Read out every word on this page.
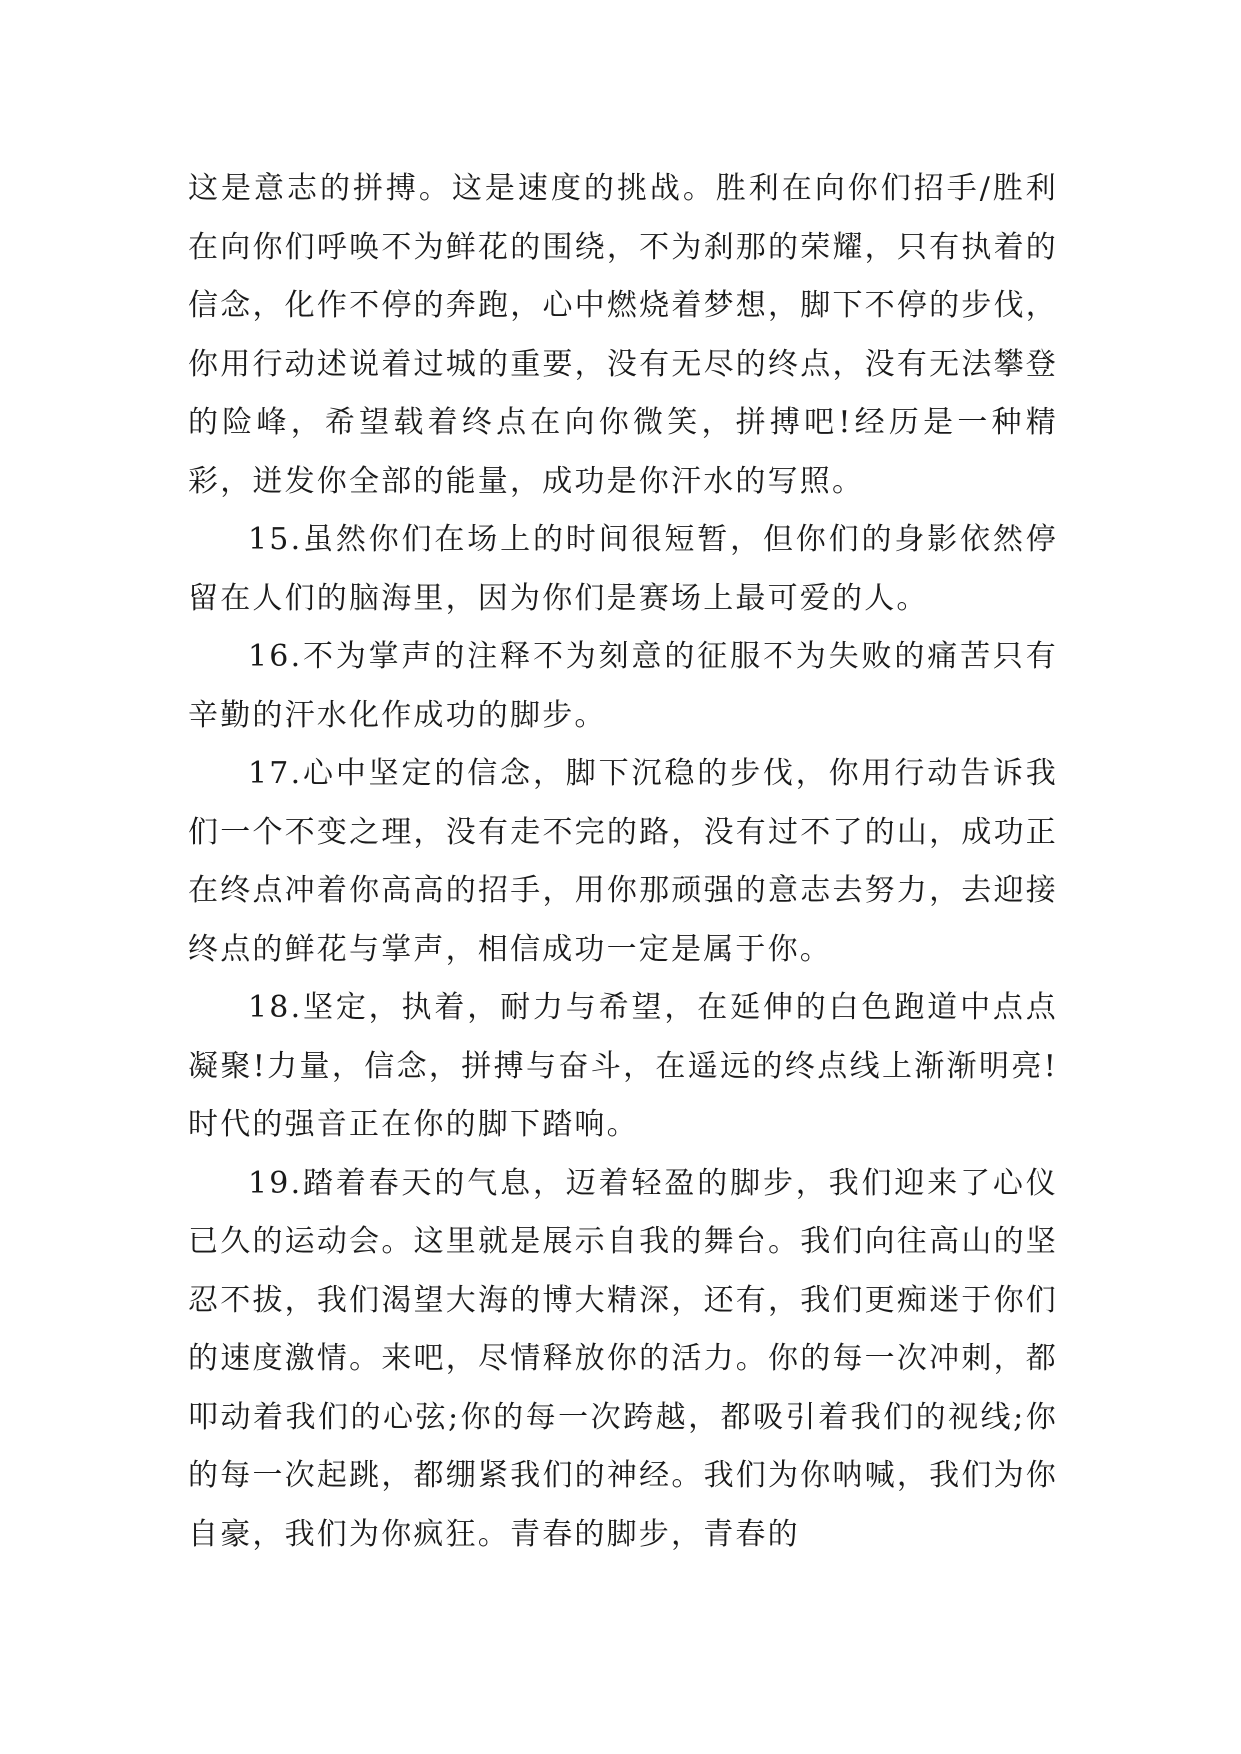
这是意志的拼搏。这是速度的挑战。胜利在向你们招手/胜利在向你们呼唤不为鲜花的围绕，不为刹那的荣耀，只有执着的信念，化作不停的奔跑，心中燃烧着梦想，脚下不停的步伐，你用行动述说着过城的重要，没有无尽的终点，没有无法攀登的险峰，希望载着终点在向你微笑，拼搏吧!经历是一种精彩，迸发你全部的能量，成功是你汗水的写照。

15.虽然你们在场上的时间很短暂，但你们的身影依然停留在人们的脑海里，因为你们是赛场上最可爱的人。

16.不为掌声的注释不为刻意的征服不为失败的痛苦只有辛勤的汗水化作成功的脚步。

17.心中坚定的信念，脚下沉稳的步伐，你用行动告诉我们一个不变之理，没有走不完的路，没有过不了的山，成功正在终点冲着你高高的招手，用你那顽强的意志去努力，去迎接终点的鲜花与掌声，相信成功一定是属于你。

18.坚定，执着，耐力与希望，在延伸的白色跑道中点点凝聚!力量，信念，拼搏与奋斗，在遥远的终点线上渐渐明亮!时代的强音正在你的脚下踏响。

19.踏着春天的气息，迈着轻盈的脚步，我们迎来了心仪已久的运动会。这里就是展示自我的舞台。我们向往高山的坚忍不拔，我们渴望大海的博大精深，还有，我们更痴迷于你们的速度激情。来吧，尽情释放你的活力。你的每一次冲刺，都叩动着我们的心弦;你的每一次跨越，都吸引着我们的视线;你的每一次起跳，都绷紧我们的神经。我们为你呐喊，我们为你自豪，我们为你疯狂。青春的脚步，青春的
